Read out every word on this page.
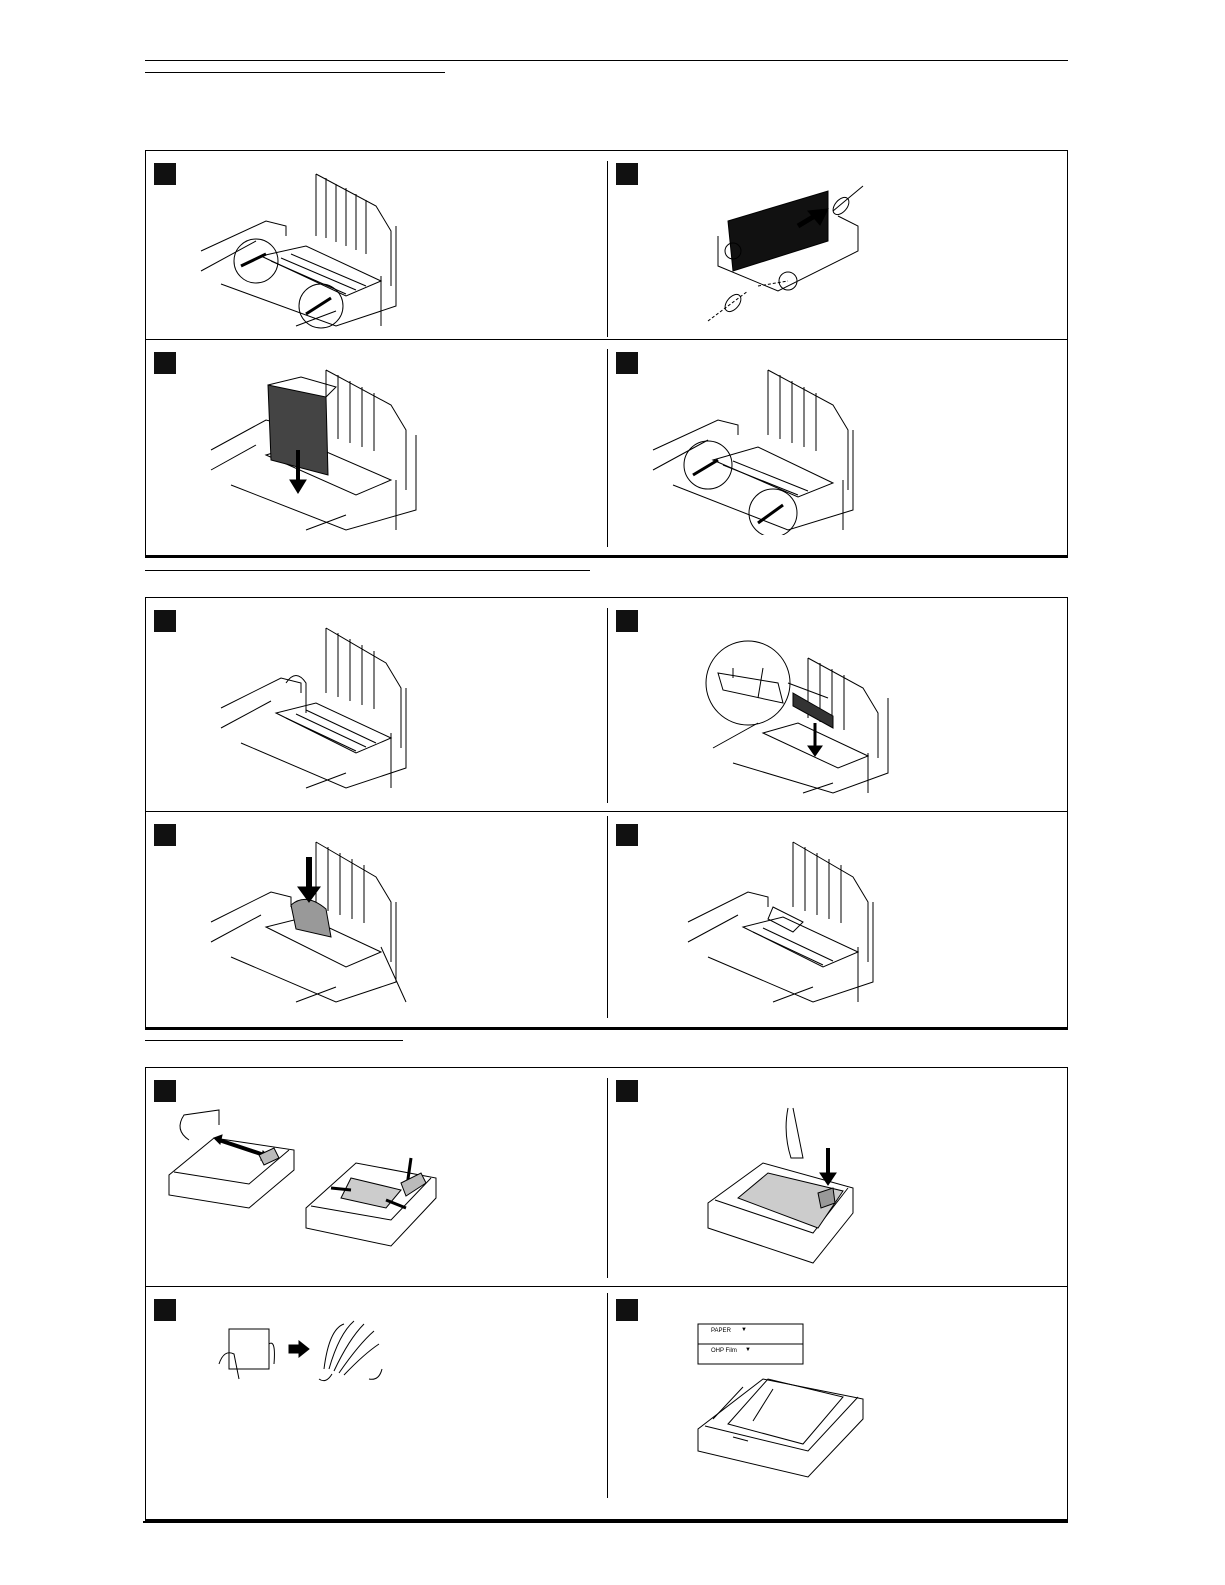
PAPER ▼
OHP Film ▼
